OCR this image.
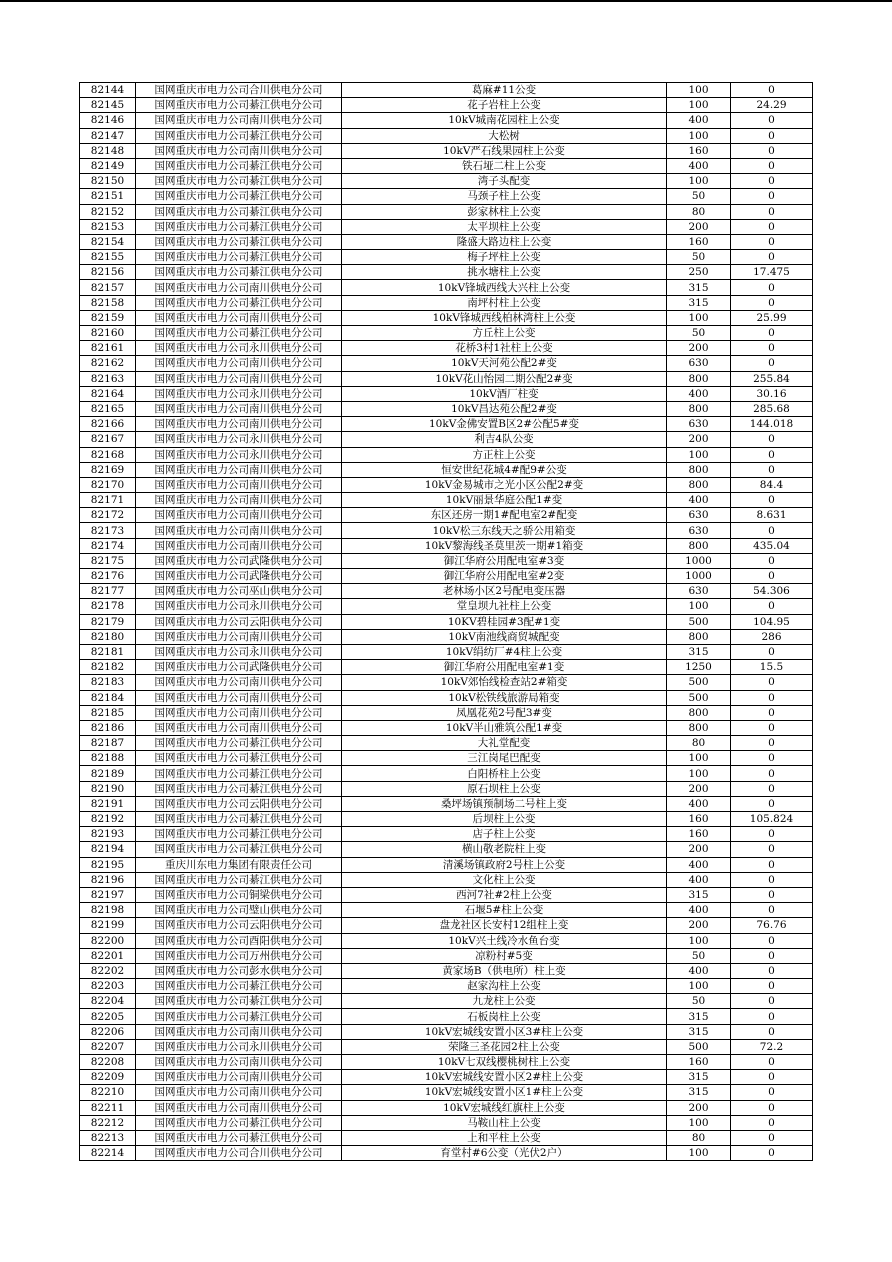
82144	国网重庆市电力公司合川供电分公司	葛麻#11公变	100	0
82145	国网重庆市电力公司綦江供电分公司	花子岩柱上公变	100	24.29
82146	国网重庆市电力公司南川供电分公司	10kV城南花园柱上公变	400	0
82147	国网重庆市电力公司綦江供电分公司	大松树	100	0
82148	国网重庆市电力公司南川供电分公司	10kV严石线果园柱上公变	160	0
82149	国网重庆市电力公司綦江供电分公司	铁石垭二柱上公变	400	0
82150	国网重庆市电力公司綦江供电分公司	湾子头配变	100	0
82151	国网重庆市电力公司綦江供电分公司	马颈子柱上公变	50	0
82152	国网重庆市电力公司綦江供电分公司	彭家林柱上公变	80	0
82153	国网重庆市电力公司綦江供电分公司	太平坝柱上公变	200	0
82154	国网重庆市电力公司綦江供电分公司	隆盛大路边柱上公变	160	0
82155	国网重庆市电力公司綦江供电分公司	梅子坪柱上公变	50	0
82156	国网重庆市电力公司綦江供电分公司	挑水塘柱上公变	250	17.475
82157	国网重庆市电力公司南川供电分公司	10kV锋城西线大兴柱上公变	315	0
82158	国网重庆市电力公司綦江供电分公司	南坪村柱上公变	315	0
82159	国网重庆市电力公司南川供电分公司	10kV锋城西线柏林湾柱上公变	100	25.99
82160	国网重庆市电力公司綦江供电分公司	方丘柱上公变	50	0
82161	国网重庆市电力公司永川供电分公司	花桥3村1社柱上公变	200	0
82162	国网重庆市电力公司南川供电分公司	10kV天河苑公配2#变	630	0
82163	国网重庆市电力公司南川供电分公司	10kV花山怡园二期公配2#变	800	255.84
82164	国网重庆市电力公司永川供电分公司	10kV酒厂柱变	400	30.16
82165	国网重庆市电力公司南川供电分公司	10kV昌达苑公配2#变	800	285.68
82166	国网重庆市电力公司南川供电分公司	10kV金佛安置B区2#公配5#变	630	144.018
82167	国网重庆市电力公司永川供电分公司	利吉4队公变	200	0
82168	国网重庆市电力公司永川供电分公司	方正柱上公变	100	0
82169	国网重庆市电力公司南川供电分公司	恒安世纪花城4#配9#公变	800	0
82170	国网重庆市电力公司南川供电分公司	10kV金易城市之光小区公配2#变	800	84.4
82171	国网重庆市电力公司南川供电分公司	10kV丽景华庭公配1#变	400	0
82172	国网重庆市电力公司南川供电分公司	东区还房一期1#配电室2#配变	630	8.631
82173	国网重庆市电力公司南川供电分公司	10kV松三东线天之骄公用箱变	630	0
82174	国网重庆市电力公司南川供电分公司	10kV黎海线圣莫里茨一期#1箱变	800	435.04
82175	国网重庆市电力公司武隆供电分公司	御江华府公用配电室#3变	1000	0
82176	国网重庆市电力公司武隆供电分公司	御江华府公用配电室#2变	1000	0
82177	国网重庆市电力公司巫山供电分公司	老林场小区2号配电变压器	630	54.306
82178	国网重庆市电力公司永川供电分公司	堂皇坝九社柱上公变	100	0
82179	国网重庆市电力公司云阳供电分公司	10KV碧桂园#3配#1变	500	104.95
82180	国网重庆市电力公司南川供电分公司	10kV南池线商贸城配变	800	286
82181	国网重庆市电力公司永川供电分公司	10kV绢纺厂#4柱上公变	315	0
82182	国网重庆市电力公司武隆供电分公司	御江华府公用配电室#1变	1250	15.5
82183	国网重庆市电力公司南川供电分公司	10kV郊怡线检查站2#箱变	500	0
82184	国网重庆市电力公司南川供电分公司	10kV松铁线旅游局箱变	500	0
82185	国网重庆市电力公司南川供电分公司	凤凰花苑2号配3#变	800	0
82186	国网重庆市电力公司南川供电分公司	10kV半山雅筑公配1#变	800	0
82187	国网重庆市电力公司綦江供电分公司	大礼堂配变	80	0
82188	国网重庆市电力公司綦江供电分公司	三江岗尾巴配变	100	0
82189	国网重庆市电力公司綦江供电分公司	白阳桥柱上公变	100	0
82190	国网重庆市电力公司綦江供电分公司	原石坝柱上公变	200	0
82191	国网重庆市电力公司云阳供电分公司	桑坪场镇预制场二号柱上变	400	0
82192	国网重庆市电力公司綦江供电分公司	后坝柱上公变	160	105.824
82193	国网重庆市电力公司綦江供电分公司	店子柱上公变	160	0
82194	国网重庆市电力公司綦江供电分公司	横山敬老院柱上变	200	0
82195	重庆川东电力集团有限责任公司	清溪场镇政府2号柱上公变	400	0
82196	国网重庆市电力公司綦江供电分公司	文化柱上公变	400	0
82197	国网重庆市电力公司铜梁供电分公司	西河7社#2柱上公变	315	0
82198	国网重庆市电力公司璧山供电分公司	石堰5#柱上公变	400	0
82199	国网重庆市电力公司云阳供电分公司	盘龙社区长安村12组柱上变	200	76.76
82200	国网重庆市电力公司酉阳供电分公司	10kV兴土线冷水鱼台变	100	0
82201	国网重庆市电力公司万州供电分公司	凉粉村#5变	50	0
82202	国网重庆市电力公司彭水供电分公司	黄家场B（供电所）柱上变	400	0
82203	国网重庆市电力公司綦江供电分公司	赵家沟柱上公变	100	0
82204	国网重庆市电力公司綦江供电分公司	九龙柱上公变	50	0
82205	国网重庆市电力公司綦江供电分公司	石板岗柱上公变	315	0
82206	国网重庆市电力公司南川供电分公司	10kV宏城线安置小区3#柱上公变	315	0
82207	国网重庆市电力公司永川供电分公司	荣隆三圣花园2柱上公变	500	72.2
82208	国网重庆市电力公司南川供电分公司	10kV七双线樱桃树柱上公变	160	0
82209	国网重庆市电力公司南川供电分公司	10kV宏城线安置小区2#柱上公变	315	0
82210	国网重庆市电力公司南川供电分公司	10kV宏城线安置小区1#柱上公变	315	0
82211	国网重庆市电力公司南川供电分公司	10kV宏城线红旗柱上公变	200	0
82212	国网重庆市电力公司綦江供电分公司	马鞍山柱上公变	100	0
82213	国网重庆市电力公司綦江供电分公司	上和平柱上公变	80	0
82214	国网重庆市电力公司合川供电分公司	育堂村#6公变（光伏2户）	100	0
